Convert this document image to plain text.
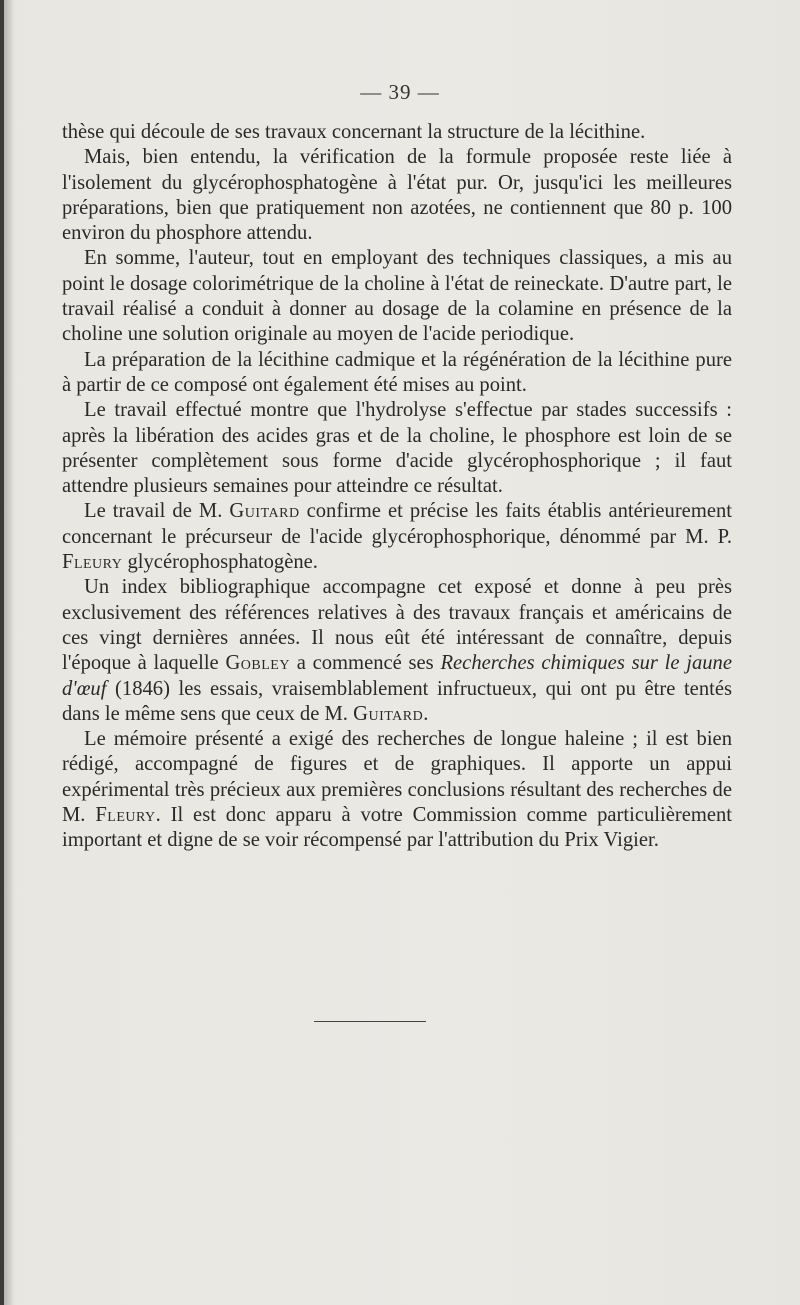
— 39 —

thèse qui découle de ses travaux concernant la structure de la lécithine.

Mais, bien entendu, la vérification de la formule proposée reste liée à l'isolement du glycérophosphatogène à l'état pur. Or, jusqu'ici les meilleures préparations, bien que pratiquement non azotées, ne contiennent que 80 p. 100 environ du phosphore attendu.

En somme, l'auteur, tout en employant des techniques classiques, a mis au point le dosage colorimétrique de la choline à l'état de reineckate. D'autre part, le travail réalisé a conduit à donner au dosage de la colamine en présence de la choline une solution originale au moyen de l'acide periodique.

La préparation de la lécithine cadmique et la régénération de la lécithine pure à partir de ce composé ont également été mises au point.

Le travail effectué montre que l'hydrolyse s'effectue par stades successifs : après la libération des acides gras et de la choline, le phosphore est loin de se présenter complètement sous forme d'acide glycérophosphorique ; il faut attendre plusieurs semaines pour atteindre ce résultat.

Le travail de M. Guitard confirme et précise les faits établis antérieurement concernant le précurseur de l'acide glycérophosphorique, dénommé par M. P. Fleury glycérophosphatogène.

Un index bibliographique accompagne cet exposé et donne à peu près exclusivement des références relatives à des travaux français et américains de ces vingt dernières années. Il nous eût été intéressant de connaître, depuis l'époque à laquelle Gobley a commencé ses Recherches chimiques sur le jaune d'œuf (1846) les essais, vraisemblablement infructueux, qui ont pu être tentés dans le même sens que ceux de M. Guitard.

Le mémoire présenté a exigé des recherches de longue haleine ; il est bien rédigé, accompagné de figures et de graphiques. Il apporte un appui expérimental très précieux aux premières conclusions résultant des recherches de M. Fleury. Il est donc apparu à votre Commission comme particulièrement important et digne de se voir récompensé par l'attribution du Prix Vigier.
